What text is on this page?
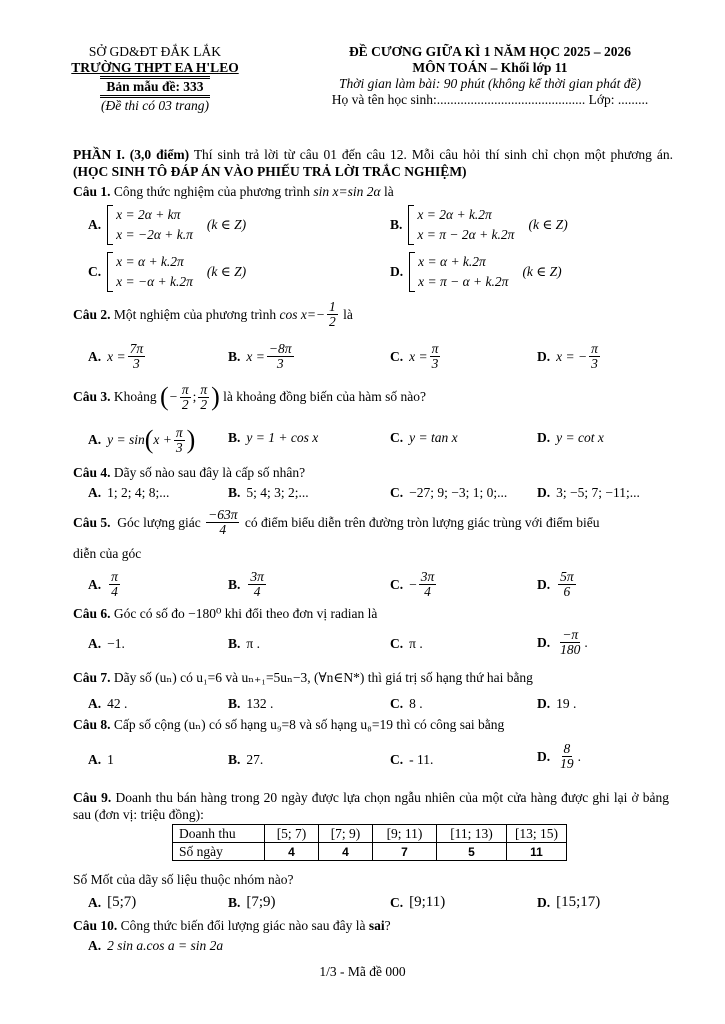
SỞ GD&ĐT ĐẮK LẮK
TRƯỜNG THPT EA H'LEO
Bản mẫu đề: 333
(Đề thi có 03 trang)
ĐỀ CƯƠNG GIỮA KÌ 1 NĂM HỌC 2025 – 2026
MÔN TOÁN – Khối lớp 11
Thời gian làm bài: 90 phút (không kể thời gian phát đề)
Họ và tên học sinh:............................................ Lớp: .........
PHẦN I. (3,0 điểm) Thí sinh trả lời từ câu 01 đến câu 12. Mỗi câu hỏi thí sinh chỉ chọn một phương án. (HỌC SINH TÔ ĐÁP ÁN VÀO PHIẾU TRẢ LỜI TRẮC NGHIỆM)
Câu 1.
Công thức nghiệm của phương trình
sin x=sin 2α
là
A.
x = 2α + kπ
x = −2α + k.π
(k ∈ Z)	B.
x = 2α + k.2π
x = π − 2α + k.2π
(k ∈ Z)
C.
x = α + k.2π
x = −α + k.2π
(k ∈ Z)	D.
x = α + k.2π
x = π − α + k.2π
(k ∈ Z)
Câu 2.
Một nghiệm của phương trình
$\cos x=- \frac{1}{2}$
là
A. $x = \frac{7\pi}{3}$	B. $x = \frac{-8\pi}{3}$	C. $x = \frac{\pi}{3}$	D. x = − $\frac{\pi}{3}$
Câu 3.
Khoảng
( − $\frac{\pi}{2}$ ; $\frac{\pi}{2}$ )
là khoảng đồng biến của hàm số nào?
A. y = sin ( $x + \frac{\pi}{3}$ ) B. y = 1 + cos x	C. y = tan x	D. y = cot x
Câu 4.
Dãy số nào sau đây là cấp số nhân?
A. 1; 2; 4; 8;...	B. 5; 4; 3; 2;...	C. −27; 9; −3; 1; 0;... D. 3; −5; 7; −11;...
Câu 5.
Góc lượng giác
$\frac{-63\pi}{4}$
có điểm biểu diễn trên đường tròn lượng giác trùng với điểm biểu
diễn của góc
A. $\frac{\pi}{4}$	B. $\frac{3\pi}{4}$	C. − $\frac{3\pi}{4}$	D. $\frac{5\pi}{6}$
Câu 6.
Góc có số đo
−180⁰
khi đổi theo đơn vị radian là
A. −1.	B. π .	C. π .	D. $\frac{-\pi}{180}$ .
Câu 7.
Dãy số (uₙ) có u₁=6 và uₙ₊₁=5uₙ−3, (∀n∈N*) thì giá trị số hạng thứ hai bằng
A. 42 .	B. 132 .	C. 8 .	D. 19 .
Câu 8.
Cấp số cộng (uₙ) có số hạng u₉=8 và số hạng u₈=19 thì có công sai bằng
A. 1	B. 27.	C. - 11.	D. $\frac{8}{19}$ .
Câu 9. Doanh thu bán hàng trong 20 ngày được lựa chọn ngẫu nhiên của một cửa hàng được ghi lại ở bảng sau (đơn vị: triệu đồng):
Doanh thu	[5; 7)	[7; 9)	[9; 11)	[11; 13)	[13; 15)
Số ngày	4	4	7	5	11
Số Mốt của dãy số liệu thuộc nhóm nào?
A. [5;7)	B. [7;9)	C. [9;11)	D. [15;17)
Câu 10.
Công thức biến đổi lượng giác nào sau đây là
sai ?
A. 2 sin a.cos a = sin 2a
1/3 - Mã đề 000
